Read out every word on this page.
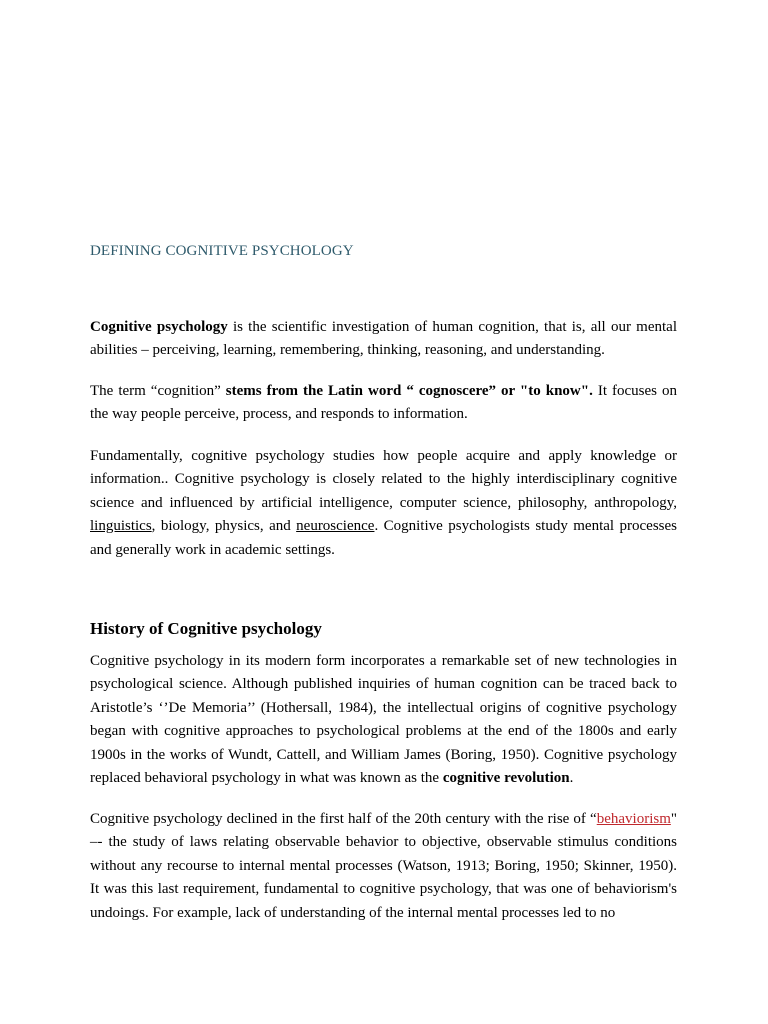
DEFINING COGNITIVE PSYCHOLOGY

Cognitive psychology is the scientific investigation of human cognition, that is, all our mental abilities – perceiving, learning, remembering, thinking, reasoning, and understanding.

The term “cognition” stems from the Latin word “ cognoscere” or "to know". It focuses on the way people perceive, process, and responds to information.

Fundamentally, cognitive psychology studies how people acquire and apply knowledge or information.. Cognitive psychology is closely related to the highly interdisciplinary cognitive science and influenced by artificial intelligence, computer science, philosophy, anthropology, linguistics, biology, physics, and neuroscience. Cognitive psychologists study mental processes and generally work in academic settings.

History of Cognitive psychology

Cognitive psychology in its modern form incorporates a remarkable set of new technologies in psychological science. Although published inquiries of human cognition can be traced back to Aristotle’s ‘’De Memoria’’ (Hothersall, 1984), the intellectual origins of cognitive psychology began with cognitive approaches to psychological problems at the end of the 1800s and early 1900s in the works of Wundt, Cattell, and William James (Boring, 1950). Cognitive psychology replaced behavioral psychology in what was known as the cognitive revolution.

Cognitive psychology declined in the first half of the 20th century with the rise of “behaviorism" –- the study of laws relating observable behavior to objective, observable stimulus conditions without any recourse to internal mental processes (Watson, 1913; Boring, 1950; Skinner, 1950). It was this last requirement, fundamental to cognitive psychology, that was one of behaviorism's undoings. For example, lack of understanding of the internal mental processes led to no
